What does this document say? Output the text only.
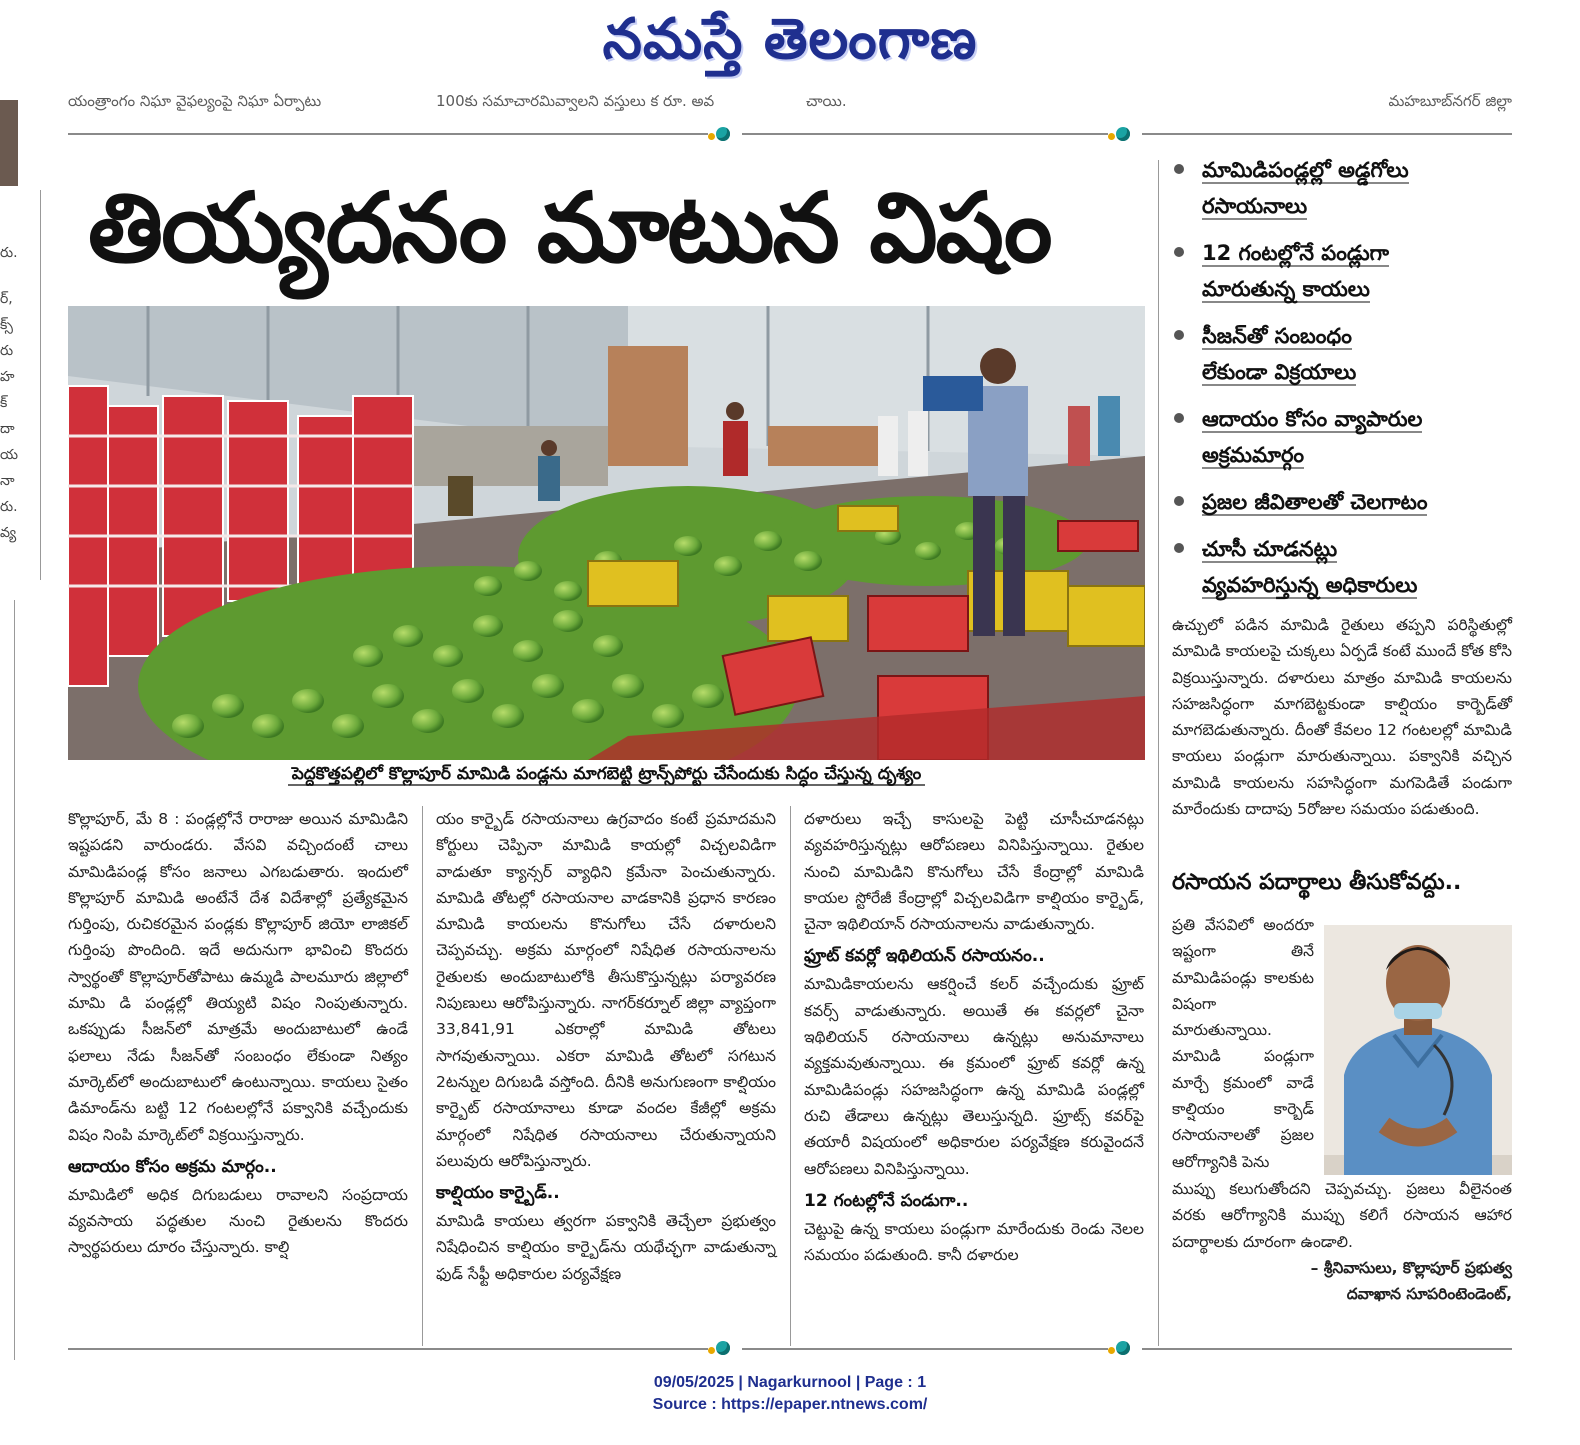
నమస్తే తెలంగాణ
యంత్రాంగం నిఘా వైఫల్యంపై నిఘా ఏర్పాటు	100కు సమాచారమివ్వాలని వస్తులు క రూ. అవ	చాయి.	మహబూబ్‌నగర్ జిల్లా
రు.
ర్,
క్స్
రు
హ
క్
దా
య
నా
రు.
వ్య
తియ్యదనం మాటున విషం
మామిడిపండ్లల్లో అడ్డగోలు
రసాయనాలు
12 గంటల్లోనే పండ్లుగా
మారుతున్న కాయలు
సీజన్‌తో సంబంధం
లేకుండా విక్రయాలు
ఆదాయం కోసం వ్యాపారుల
అక్రమమార్గం
ప్రజల జీవితాలతో చెలగాటం
చూసీ చూడనట్లు
వ్యవహరిస్తున్న అధికారులు
పెద్దకొత్తపల్లిలో కొల్లాపూర్ మామిడి పండ్లను మాగబెట్టి ట్రాన్స్‌పోర్టు చేసేందుకు సిద్ధం చేస్తున్న దృశ్యం

కొల్లాపూర్, మే 8 : పండ్లల్లోనే రారాజు అయిన మామిడిని ఇష్టపడని వారుండరు. వేసవి వచ్చిందంటే చాలు మామిడిపండ్ల కోసం జనాలు ఎగబడుతారు. ఇందులో కొల్లాపూర్ మామిడి అంటేనే దేశ విదేశాల్లో ప్రత్యేకమైన గుర్తింపు, రుచికరమైన పండ్లకు కొల్లాపూర్ జియో లాజికల్ గుర్తింపు పొందింది. ఇదే అదునుగా భావించి కొందరు స్వార్థంతో కొల్లాపూర్‌తోపాటు ఉమ్మడి పాలమూరు జిల్లాలో మామి డి పండ్లల్లో తియ్యటి విషం నింపుతున్నారు. ఒకప్పుడు సీజన్‌లో మాత్రమే అందుబాటులో ఉండే ఫలాలు నేడు సీజన్‌తో సంబంధం లేకుండా నిత్యం మార్కెట్‌లో అందుబాటులో ఉంటున్నాయి. కాయలు సైతం డిమాండ్‌ను బట్టి 12 గంటలల్లోనే పక్వానికి వచ్చేందుకు విషం నింపి మార్కెట్‌లో విక్రయిస్తున్నారు.

ఆదాయం కోసం అక్రమ మార్గం..

మామిడిలో అధిక దిగుబడులు రావాలని సంప్రదాయ వ్యవసాయ పద్ధతుల నుంచి రైతులను కొందరు స్వార్థపరులు దూరం చేస్తున్నారు. కాల్షి

యం కార్బైడ్ రసాయనాలు ఉగ్రవాదం కంటే ప్రమాదమని కోర్టులు చెప్పినా మామిడి కాయల్లో విచ్చలవిడిగా వాడుతూ క్యాన్సర్ వ్యాధిని క్రమేనా పెంచుతున్నారు. మామిడి తోటల్లో రసాయనాల వాడకానికి ప్రధాన కారణం మామిడి కాయలను కొనుగోలు చేసే దళారులని చెప్పవచ్చు. అక్రమ మార్గంలో నిషేధిత రసాయనాలను రైతులకు అందుబాటులోకి తీసుకొస్తున్నట్లు పర్యావరణ నిపుణులు ఆరోపిస్తున్నారు. నాగర్‌కర్నూల్ జిల్లా వ్యాప్తంగా 33,841,91 ఎకరాల్లో మామిడి తోటలు సాగవుతున్నాయి. ఎకరా మామిడి తోటలో సగటున 2టన్నుల దిగుబడి వస్తోంది. దీనికి అనుగుణంగా కాల్షియం కార్బైట్ రసాయానాలు కూడా వందల కేజీల్లో అక్రమ మార్గంలో నిషేధిత రసాయనాలు చేరుతున్నాయని పలువురు ఆరోపిస్తున్నారు.

కాల్షియం కార్బైడ్..

మామిడి కాయలు త్వరగా పక్వానికి తెచ్చేలా ప్రభుత్వం నిషేధించిన కాల్షియం కార్బైడ్‌ను యథేచ్ఛగా వాడుతున్నా ఫుడ్ సేఫ్టీ అధికారుల పర్యవేక్షణ

దళారులు ఇచ్చే కాసులపై పెట్టి చూసీచూడనట్లు వ్యవహరిస్తున్నట్లు ఆరోపణలు వినిపిస్తున్నాయి. రైతుల నుంచి మామిడిని కొనుగోలు చేసే కేంద్రాల్లో మామిడి కాయల స్టోరేజీ కేంద్రాల్లో విచ్చలవిడిగా కాల్షియం కార్బైడ్, చైనా ఇథిలియాన్ రసాయనాలను వాడుతున్నారు.

ఫ్రూట్ కవర్లో ఇథిలియన్ రసాయనం..

మామిడికాయలను ఆకర్షించే కలర్ వచ్చేందుకు ఫ్రూట్ కవర్స్ వాడుతున్నారు. అయితే ఈ కవర్లలో చైనా ఇథిలియన్ రసాయనాలు ఉన్నట్లు అనుమానాలు వ్యక్తమవుతున్నాయి. ఈ క్రమంలో ఫ్రూట్ కవర్లో ఉన్న మామిడిపండ్లు సహజసిద్ధంగా ఉన్న మామిడి పండ్లల్లో రుచి తేడాలు ఉన్నట్లు తెలుస్తున్నది. ఫ్రూట్స్ కవర్‌పై తయారీ విషయంలో అధికారుల పర్యవేక్షణ కరువైందనే ఆరోపణలు వినిపిస్తున్నాయి.

12 గంటల్లోనే పండుగా..

చెట్టుపై ఉన్న కాయలు పండ్లుగా మారేందుకు రెండు నెలల సమయం పడుతుంది. కానీ దళారుల

ఉచ్చులో పడిన మామిడి రైతులు తప్పని పరిస్థితుల్లో మామిడి కాయలపై చుక్కలు ఏర్పడే కంటే ముందే కోత కోసి విక్రయిస్తున్నారు. దళారులు మాత్రం మామిడి కాయలను సహజసిద్ధంగా మాగబెట్టకుండా కాల్షియం కార్బెడ్‌తో మాగబెడుతున్నారు. దీంతో కేవలం 12 గంటలల్లో మామిడి కాయలు పండ్లుగా మారుతున్నాయి. పక్వానికి వచ్చిన మామిడి కాయలను సహసిద్ధంగా మగపెడితే పండుగా మారేందుకు దాదాపు 5రోజుల సమయం పడుతుంది.

రసాయన పదార్థాలు తీసుకోవద్దు..

ప్రతి వేసవిలో అందరూ ఇష్టంగా తినే మామిడిపండ్లు కాలకుట విషంగా మారుతున్నాయి. మామిడి పండ్లుగా మార్చే క్రమంలో వాడే కాల్షియం కార్బెడ్ రసాయనాలతో ప్రజల ఆరోగ్యానికి పెను

ముప్పు కలుగుతోందని చెప్పవచ్చు. ప్రజలు వీలైనంత వరకు ఆరోగ్యానికి ముప్పు కలిగే రసాయన ఆహార పదార్థాలకు దూరంగా ఉండాలి.

– శ్రీనివాసులు, కొల్లాపూర్ ప్రభుత్వ
దవాఖాన సూపరింటెండెంట్,
09/05/2025 | Nagarkurnool | Page : 1
Source : https://epaper.ntnews.com/
